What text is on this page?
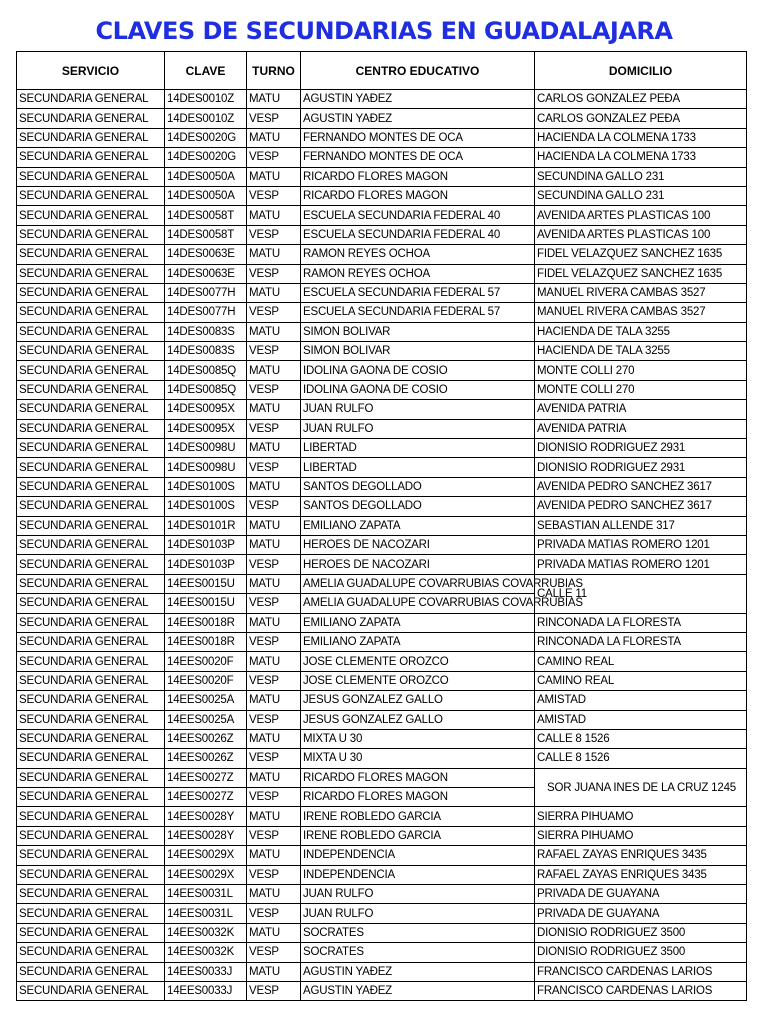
CLAVES DE SECUNDARIAS EN GUADALAJARA
SERVICIO	CLAVE	TURNO	CENTRO EDUCATIVO	DOMICILIO
SECUNDARIA GENERAL	14DES0010Z	MATU	AGUSTIN YAĐEZ	CARLOS GONZALEZ PEĐA
SECUNDARIA GENERAL	14DES0010Z	VESP	AGUSTIN YAĐEZ	CARLOS GONZALEZ PEĐA
SECUNDARIA GENERAL	14DES0020G	MATU	FERNANDO MONTES DE OCA	HACIENDA LA COLMENA 1733
SECUNDARIA GENERAL	14DES0020G	VESP	FERNANDO MONTES DE OCA	HACIENDA LA COLMENA 1733
SECUNDARIA GENERAL	14DES0050A	MATU	RICARDO FLORES MAGON	SECUNDINA GALLO 231
SECUNDARIA GENERAL	14DES0050A	VESP	RICARDO FLORES MAGON	SECUNDINA GALLO 231
SECUNDARIA GENERAL	14DES0058T	MATU	ESCUELA SECUNDARIA FEDERAL 40	AVENIDA ARTES PLASTICAS 100
SECUNDARIA GENERAL	14DES0058T	VESP	ESCUELA SECUNDARIA FEDERAL 40	AVENIDA ARTES PLASTICAS 100
SECUNDARIA GENERAL	14DES0063E	MATU	RAMON REYES OCHOA	FIDEL VELAZQUEZ SANCHEZ 1635
SECUNDARIA GENERAL	14DES0063E	VESP	RAMON REYES OCHOA	FIDEL VELAZQUEZ SANCHEZ 1635
SECUNDARIA GENERAL	14DES0077H	MATU	ESCUELA SECUNDARIA FEDERAL 57	MANUEL RIVERA CAMBAS 3527
SECUNDARIA GENERAL	14DES0077H	VESP	ESCUELA SECUNDARIA FEDERAL 57	MANUEL RIVERA CAMBAS 3527
SECUNDARIA GENERAL	14DES0083S	MATU	SIMON BOLIVAR	HACIENDA DE TALA 3255
SECUNDARIA GENERAL	14DES0083S	VESP	SIMON BOLIVAR	HACIENDA DE TALA 3255
SECUNDARIA GENERAL	14DES0085Q	MATU	IDOLINA GAONA DE COSIO	MONTE COLLI 270
SECUNDARIA GENERAL	14DES0085Q	VESP	IDOLINA GAONA DE COSIO	MONTE COLLI 270
SECUNDARIA GENERAL	14DES0095X	MATU	JUAN RULFO	AVENIDA PATRIA
SECUNDARIA GENERAL	14DES0095X	VESP	JUAN RULFO	AVENIDA PATRIA
SECUNDARIA GENERAL	14DES0098U	MATU	LIBERTAD	DIONISIO RODRIGUEZ 2931
SECUNDARIA GENERAL	14DES0098U	VESP	LIBERTAD	DIONISIO RODRIGUEZ 2931
SECUNDARIA GENERAL	14DES0100S	MATU	SANTOS DEGOLLADO	AVENIDA PEDRO SANCHEZ 3617
SECUNDARIA GENERAL	14DES0100S	VESP	SANTOS DEGOLLADO	AVENIDA PEDRO SANCHEZ 3617
SECUNDARIA GENERAL	14DES0101R	MATU	EMILIANO ZAPATA	SEBASTIAN ALLENDE 317
SECUNDARIA GENERAL	14DES0103P	MATU	HEROES DE NACOZARI	PRIVADA MATIAS ROMERO 1201
SECUNDARIA GENERAL	14DES0103P	VESP	HEROES DE NACOZARI	PRIVADA MATIAS ROMERO 1201
SECUNDARIA GENERAL	14EES0015U	MATU	AMELIA GUADALUPE COVARRUBIAS COVARRUBIAS	CALLE 11
SECUNDARIA GENERAL	14EES0015U	VESP	AMELIA GUADALUPE COVARRUBIAS COVARRUBIAS	
SECUNDARIA GENERAL	14EES0018R	MATU	EMILIANO ZAPATA	RINCONADA LA FLORESTA
SECUNDARIA GENERAL	14EES0018R	VESP	EMILIANO ZAPATA	RINCONADA LA FLORESTA
SECUNDARIA GENERAL	14EES0020F	MATU	JOSE CLEMENTE OROZCO	CAMINO REAL
SECUNDARIA GENERAL	14EES0020F	VESP	JOSE CLEMENTE OROZCO	CAMINO REAL
SECUNDARIA GENERAL	14EES0025A	MATU	JESUS GONZALEZ GALLO	AMISTAD
SECUNDARIA GENERAL	14EES0025A	VESP	JESUS GONZALEZ GALLO	AMISTAD
SECUNDARIA GENERAL	14EES0026Z	MATU	MIXTA U 30	CALLE 8 1526
SECUNDARIA GENERAL	14EES0026Z	VESP	MIXTA U 30	CALLE 8 1526
SECUNDARIA GENERAL	14EES0027Z	MATU	RICARDO FLORES MAGON	SOR JUANA INES DE LA CRUZ 1245
SECUNDARIA GENERAL	14EES0027Z	VESP	RICARDO FLORES MAGON	
SECUNDARIA GENERAL	14EES0028Y	MATU	IRENE ROBLEDO GARCIA	SIERRA PIHUAMO
SECUNDARIA GENERAL	14EES0028Y	VESP	IRENE ROBLEDO GARCIA	SIERRA PIHUAMO
SECUNDARIA GENERAL	14EES0029X	MATU	INDEPENDENCIA	RAFAEL ZAYAS ENRIQUES 3435
SECUNDARIA GENERAL	14EES0029X	VESP	INDEPENDENCIA	RAFAEL ZAYAS ENRIQUES 3435
SECUNDARIA GENERAL	14EES0031L	MATU	JUAN RULFO	PRIVADA DE GUAYANA
SECUNDARIA GENERAL	14EES0031L	VESP	JUAN RULFO	PRIVADA DE GUAYANA
SECUNDARIA GENERAL	14EES0032K	MATU	SOCRATES	DIONISIO RODRIGUEZ 3500
SECUNDARIA GENERAL	14EES0032K	VESP	SOCRATES	DIONISIO RODRIGUEZ 3500
SECUNDARIA GENERAL	14EES0033J	MATU	AGUSTIN YAĐEZ	FRANCISCO CARDENAS LARIOS
SECUNDARIA GENERAL	14EES0033J	VESP	AGUSTIN YAĐEZ	FRANCISCO CARDENAS LARIOS
